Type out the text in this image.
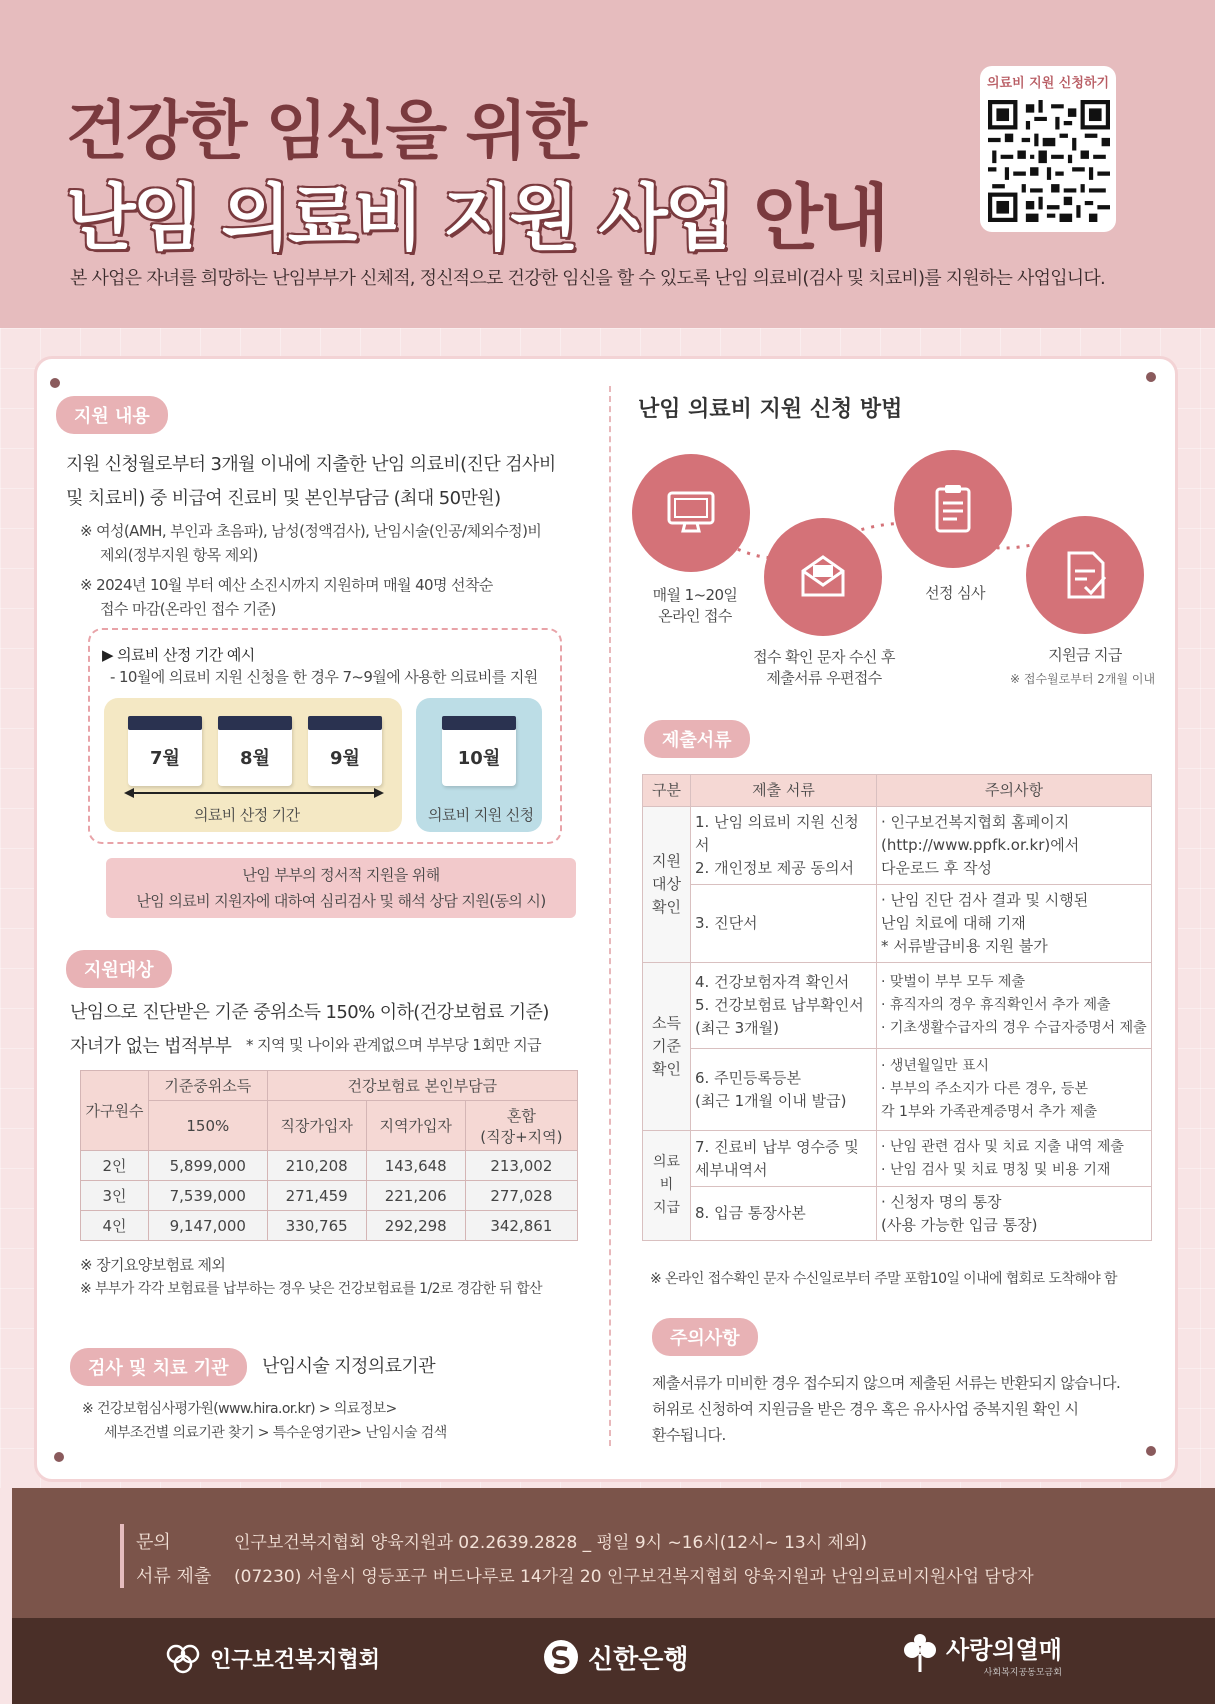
건강한 임신을 위한
난임 의료비 지원 사업 안내
본 사업은 자녀를 희망하는 난임부부가 신체적, 정신적으로 건강한 임신을 할 수 있도록 난임 의료비(검사 및 치료비)를 지원하는 사업입니다.
의료비 지원 신청하기
지원 내용
지원 신청월로부터 3개월 이내에 지출한 난임 의료비(진단 검사비
및 치료비) 중 비급여 진료비 및 본인부담금 (최대 50만원)
※ 여성(AMH, 부인과 초음파), 남성(정액검사), 난임시술(인공/체외수정)비
제외(정부지원 항목 제외)
※ 2024년 10월 부터 예산 소진시까지 지원하며 매월 40명 선착순
접수 마감(온라인 접수 기준)
▶ 의료비 산정 기간 예시
- 10월에 의료비 지원 신청을 한 경우 7~9월에 사용한 의료비를 지원
7월	8월	9월	10월
의료비 산정 기간	의료비 지원 신청
난임 부부의 정서적 지원을 위해
난임 의료비 지원자에 대하여 심리검사 및 해석 상담 지원(동의 시)
지원대상
난임으로 진단받은 기준 중위소득 150% 이하(건강보험료 기준)
자녀가 없는 법적부부 * 지역 및 나이와 관계없으며 부부당 1회만 지급
가구원수	기준중위소득	건강보험료 본인부담금		
	150%	직장가입자	지역가입자	혼합
(직장+지역)
2인	5,899,000	210,208	143,648	213,002
3인	7,539,000	271,459	221,206	277,028
4인	9,147,000	330,765	292,298	342,861
※ 장기요양보험료 제외
※ 부부가 각각 보험료를 납부하는 경우 낮은 건강보험료를 1/2로 경감한 뒤 합산
검사 및 치료 기관	난임시술 지정의료기관
※ 건강보험심사평가원(www.hira.or.kr) > 의료정보>
세부조건별 의료기관 찾기 > 특수운영기관> 난임시술 검색
난임 의료비 지원 신청 방법
매월 1~20일
온라인 접수
접수 확인 문자 수신 후
제출서류 우편접수
선정 심사
지원금 지급
※ 접수월로부터 2개월 이내
제출서류
구분	제출 서류	주의사항
지원
대상
확인	1. 난임 의료비 지원 신청서
2. 개인정보 제공 동의서	· 인구보건복지협회 홈페이지
(http://www.ppfk.or.kr)에서
다운로드 후 작성
	3. 진단서	· 난임 진단 검사 결과 및 시행된
난임 치료에 대해 기재
* 서류발급비용 지원 불가
소득
기준
확인	4. 건강보험자격 확인서
5. 건강보험료 납부확인서
(최근 3개월)	· 맞벌이 부부 모두 제출
· 휴직자의 경우 휴직확인서 추가 제출
· 기초생활수급자의 경우 수급자증명서 제출
	6. 주민등록등본
(최근 1개월 이내 발급)	· 생년월일만 표시
· 부부의 주소지가 다른 경우, 등본
각 1부와 가족관계증명서 추가 제출
의료비
지급	7. 진료비 납부 영수증 및
세부내역서	· 난임 관련 검사 및 치료 지출 내역 제출
· 난임 검사 및 치료 명칭 및 비용 기재
	8. 입금 통장사본	· 신청자 명의 통장
(사용 가능한 입금 통장)
※ 온라인 접수확인 문자 수신일로부터 주말 포함10일 이내에 협회로 도착해야 함
주의사항
제출서류가 미비한 경우 접수되지 않으며 제출된 서류는 반환되지 않습니다.
허위로 신청하여 지원금을 받은 경우 혹은 유사사업 중복지원 확인 시
환수됩니다.
문의	인구보건복지협회 양육지원과 02.2639.2828 _ 평일 9시 ~16시(12시~ 13시 제외)
서류 제출 (07230) 서울시 영등포구 버드나루로 14가길 20 인구보건복지협회 양육지원과 난임의료비지원사업 담당자
인구보건복지협회	신한은행	사랑의열매
사회복지공동모금회
